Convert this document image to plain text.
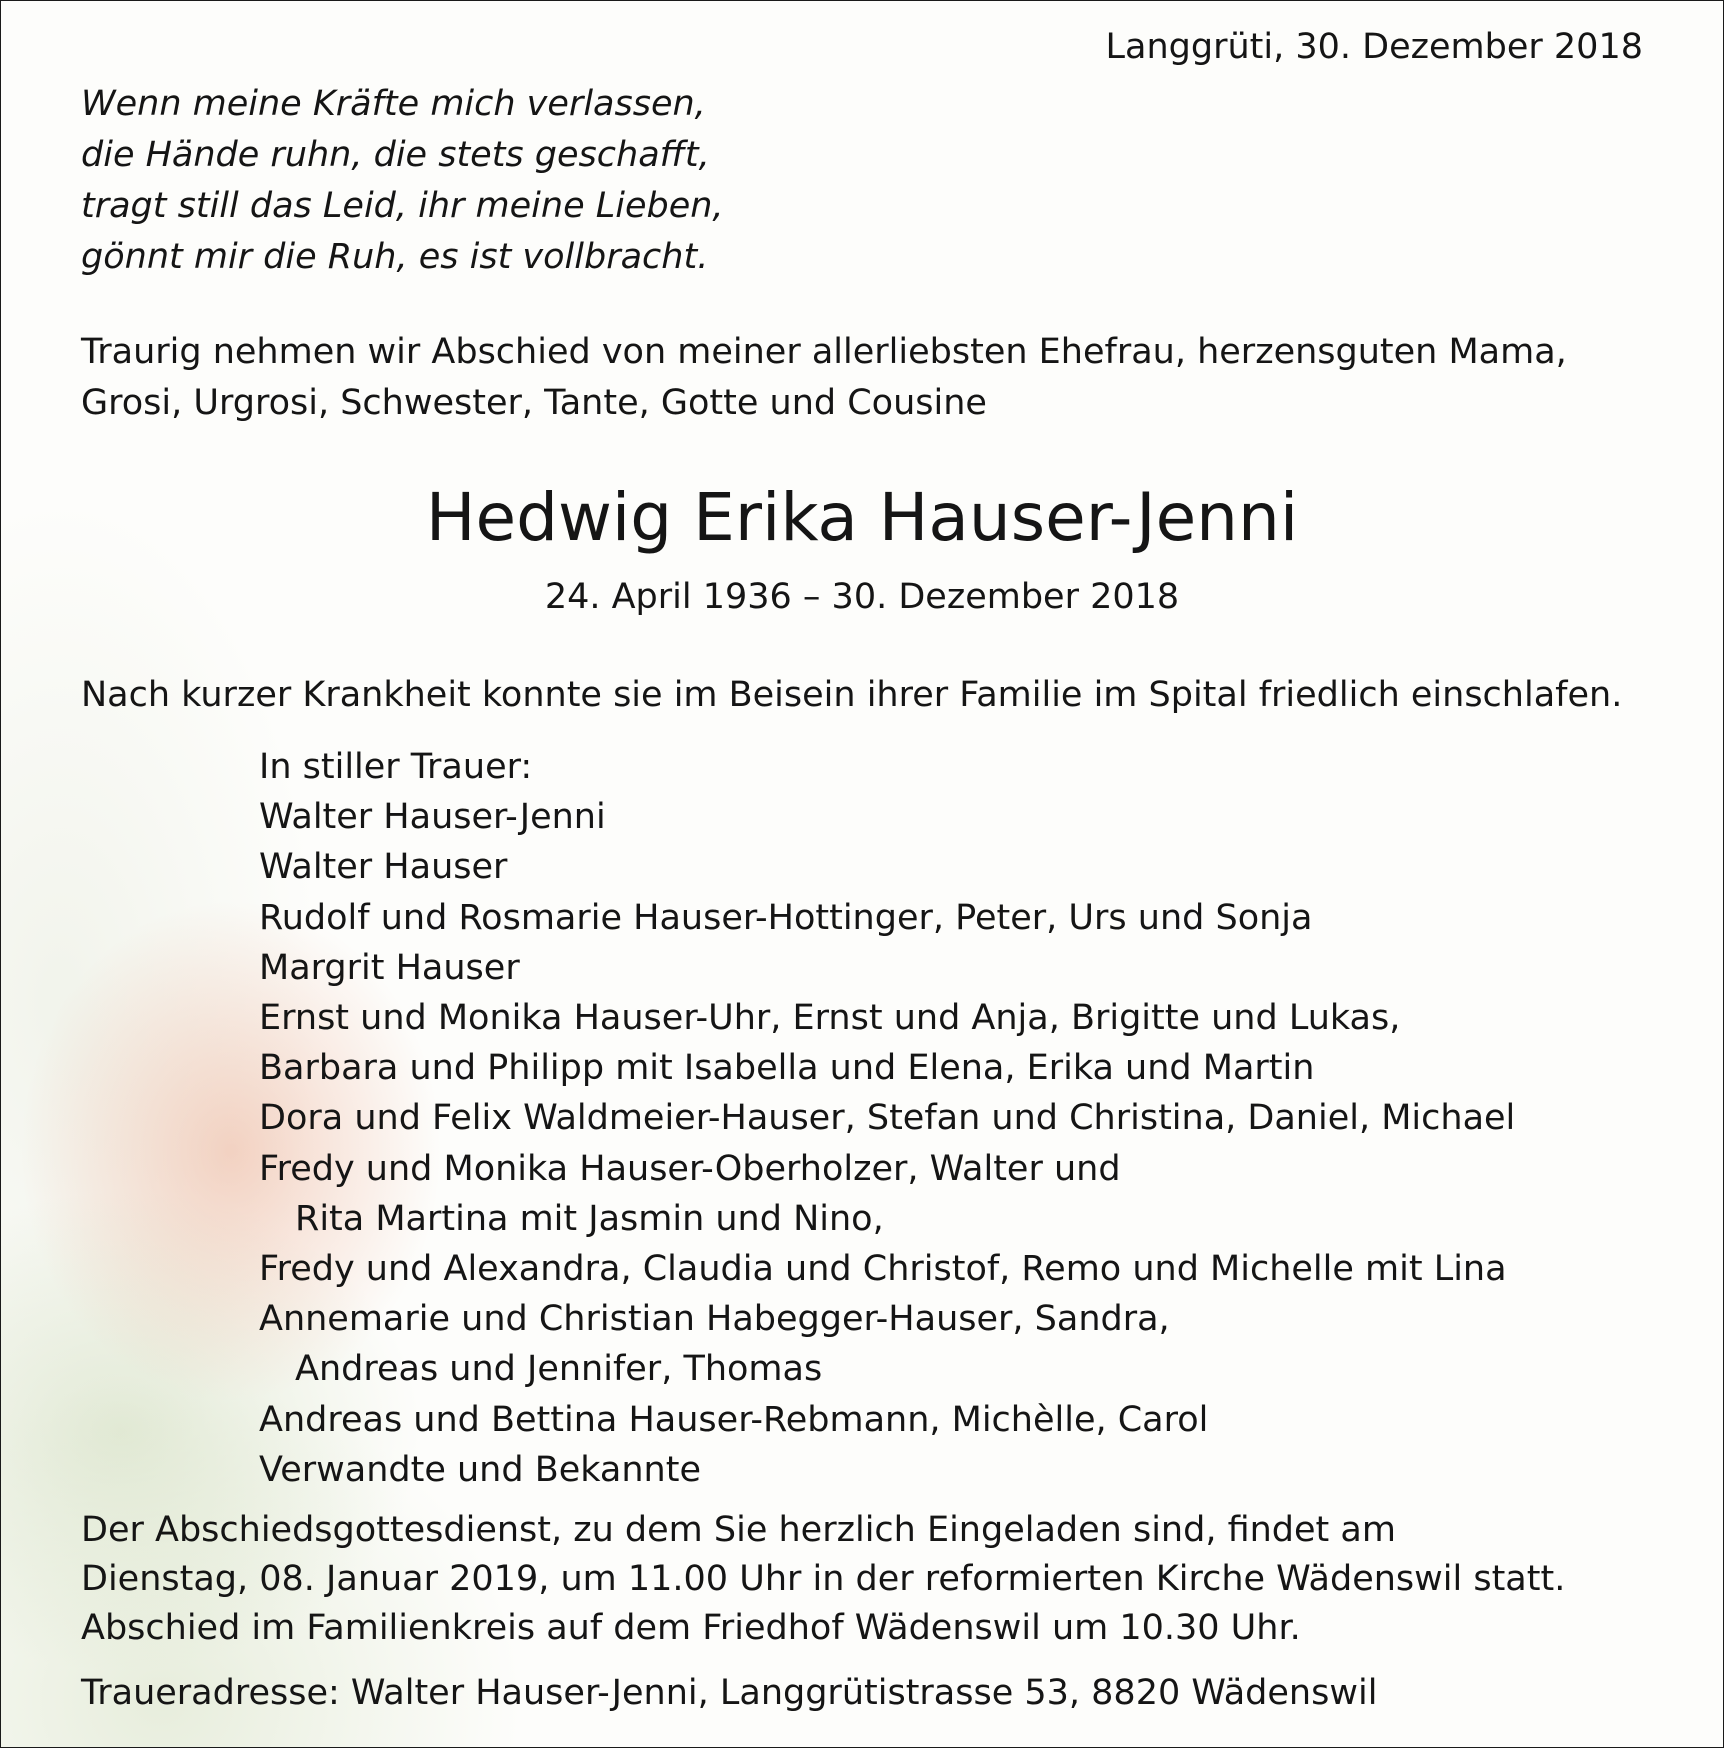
Langgrüti, 30. Dezember 2018

Wenn meine Kräfte mich verlassen,
die Hände ruhn, die stets geschafft,
tragt still das Leid, ihr meine Lieben,
gönnt mir die Ruh, es ist vollbracht.
Traurig nehmen wir Abschied von meiner allerliebsten Ehefrau, herzensguten Mama,
Grosi, Urgrosi, Schwester, Tante, Gotte und Cousine
Hedwig Erika Hauser-Jenni

24. April 1936 – 30. Dezember 2018

Nach kurzer Krankheit konnte sie im Beisein ihrer Familie im Spital friedlich einschlafen.

In stiller Trauer:
Walter Hauser-Jenni
Walter Hauser
Rudolf und Rosmarie Hauser-Hottinger, Peter, Urs und Sonja
Margrit Hauser
Ernst und Monika Hauser-Uhr, Ernst und Anja, Brigitte und Lukas,
Barbara und Philipp mit Isabella und Elena, Erika und Martin
Dora und Felix Waldmeier-Hauser, Stefan und Christina, Daniel, Michael
Fredy und Monika Hauser-Oberholzer, Walter und
Rita Martina mit Jasmin und Nino,
Fredy und Alexandra, Claudia und Christof, Remo und Michelle mit Lina
Annemarie und Christian Habegger-Hauser, Sandra,
Andreas und Jennifer, Thomas
Andreas und Bettina Hauser-Rebmann, Michèlle, Carol
Verwandte und Bekannte
Der Abschiedsgottesdienst, zu dem Sie herzlich Eingeladen sind, findet am
Dienstag, 08. Januar 2019, um 11.00 Uhr in der reformierten Kirche Wädenswil statt.
Abschied im Familienkreis auf dem Friedhof Wädenswil um 10.30 Uhr.

Traueradresse: Walter Hauser-Jenni, Langgrütistrasse 53, 8820 Wädenswil
